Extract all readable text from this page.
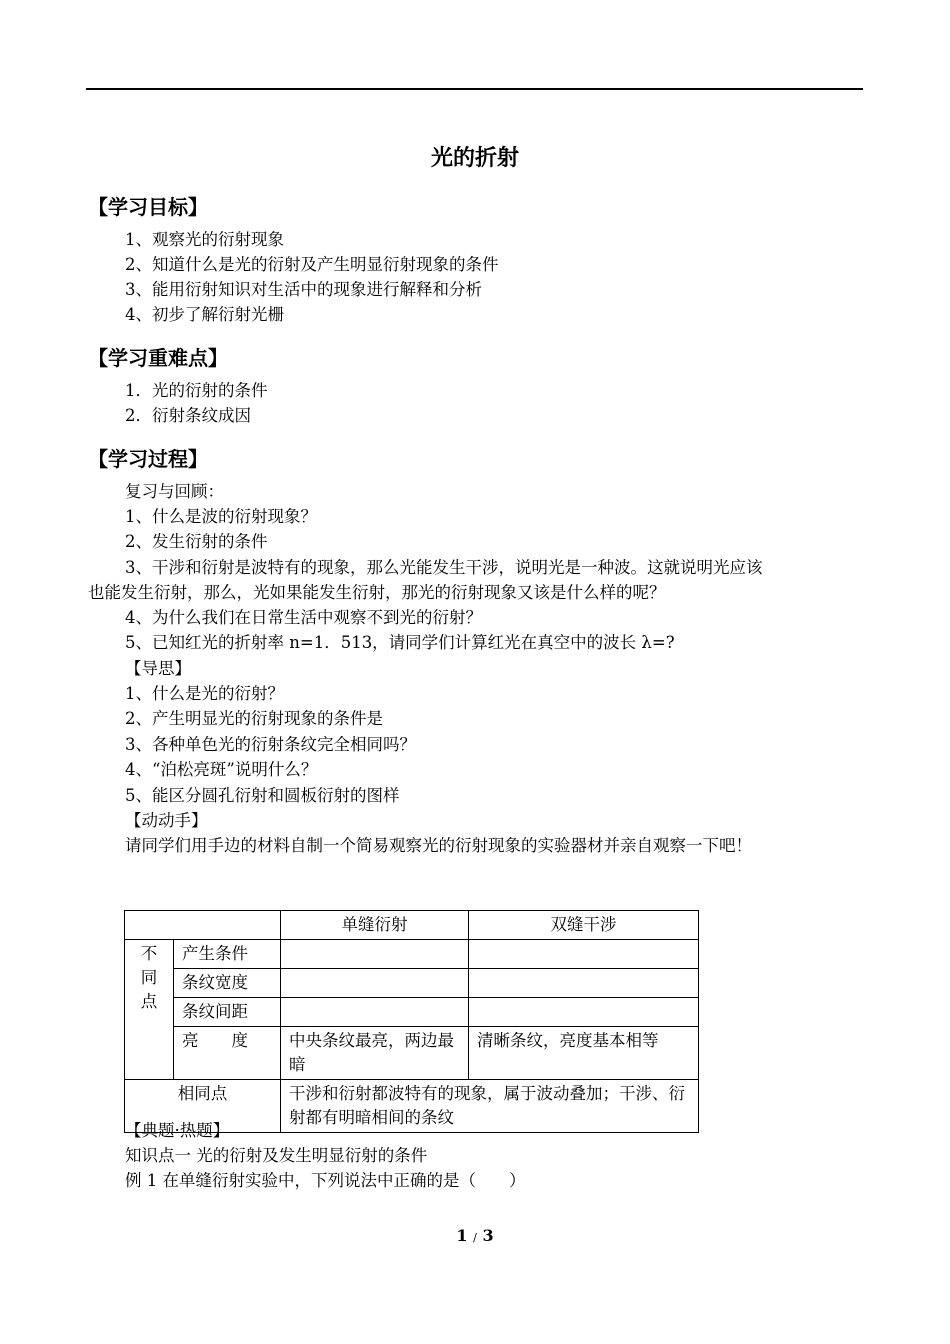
光的折射
【学习目标】
1、观察光的衍射现象
2、知道什么是光的衍射及产生明显衍射现象的条件
3、能用衍射知识对生活中的现象进行解释和分析
4、初步了解衍射光栅
【学习重难点】
1．光的衍射的条件
2．衍射条纹成因
【学习过程】
复习与回顾：
1、什么是波的衍射现象？
2、发生衍射的条件
3、干涉和衍射是波特有的现象，那么光能发生干涉，说明光是一种波。这就说明光应该
也能发生衍射，那么，光如果能发生衍射，那光的衍射现象又该是什么样的呢？
4、为什么我们在日常生活中观察不到光的衍射？
5、已知红光的折射率 n=1．513，请同学们计算红光在真空中的波长 λ=?
【导思】
1、什么是光的衍射？
2、产生明显光的衍射现象的条件是
3、各种单色光的衍射条纹完全相同吗？
4、“泊松亮斑”说明什么？
5、能区分圆孔衍射和圆板衍射的图样
【动动手】
请同学们用手边的材料自制一个简易观察光的衍射现象的实验器材并亲自观察一下吧！
		单缝衍射	双缝干涉
不
同
点	产生条件		
	条纹宽度		
	条纹间距		
	亮　　度	中央条纹最亮，两边最暗	清晰条纹，亮度基本相等
相同点		干涉和衍射都波特有的现象，属于波动叠加；干涉、衍射都有明暗相间的条纹	
【典题·热题】
知识点一 光的衍射及发生明显衍射的条件
例 1 在单缝衍射实验中，下列说法中正确的是（　　）
1 / 3
